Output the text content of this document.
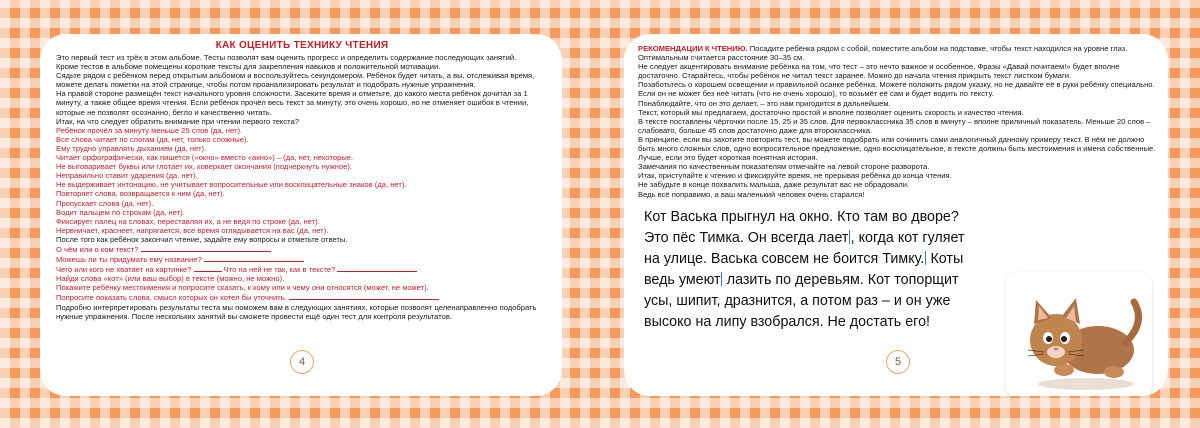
КАК ОЦЕНИТЬ ТЕХНИКУ ЧТЕНИЯ

Это первый тест из трёх в этом альбоме. Тесты позволят вам оценить прогресс и определить содержание последующих занятий.

Кроме тестов в альбоме помещены короткие тексты для закрепления навыков и положительной мотивации.

Сядьте рядом с ребёнком перед открытым альбомом и воспользуйтесь секундомером. Ребёнок будет читать, а вы, отслеживая время, можете делать пометки на этой странице, чтобы потом проанализировать результат и подобрать нужные упражнения.

На правой стороне размещён текст начального уровня сложности. Засеките время и отметьте, до какого места ребёнок дочитал за 1 минуту, а также общее время чтения. Если ребёнок прочёл весь текст за минуту, это очень хорошо, но не отменяет ошибок в чтении, которые не позволят осознанно, бегло и качественно читать.

Итак, на что следует обратить внимание при чтении первого текста?

Ребёнок прочёл за минуту меньше 25 слов (да, нет).

Все слова читает по слогам (да, нет, только сложные).

Ему трудно управлять дыханием (да, нет).

Читает орфографически, как пишется («окно» вместо «акно») – (да, нет, некоторые.

Не выговаривает буквы или глотает их, коверкает окончания (подчеркнуть нужное).

Неправильно ставит ударения (да, нет).

Не выдерживает интонацию, не учитывает вопросительные или восклицательные знаков (да, нет).

Повторяет слова, возвращается к ним (да, нет).

Пропускает слова (да, нет).

Водит пальцем по строкам (да, нет).

Фиксирует палец на словах, переставляя их, а не ведя по строке (да, нет).

Нервничает, краснеет, напрягается, все время оглядывается на вас (да, нет).

После того как ребёнок закончил чтение, задайте ему вопросы и отметьте ответы.

О чём или о ком текст?

Можешь ли ты придумать ему название?

Чего или кого не хватает на картинке?	Что на ней не так, как в тексте?

Найди слова «кот» (или ваш выбор) в тексте (можно, не можно).

Покажите ребёнку местоимения и попросите сказать, к кому или к чему они относятся (может, не может).

Попросите показать слова, смысл которых он хотел бы уточнить.

Подробно интерпретировать результаты теста мы поможем вам в следующих занятиях, которые позволят целенаправленно подобрать нужные упражнения. После нескольких занятий вы сможете провести ещё один тест для контроля результатов.

4

РЕКОМЕНДАЦИИ К ЧТЕНИЮ. Посадите ребёнка рядом с собой, поместите альбом на подставке, чтобы текст находился на уровне глаз. Оптимальным считается расстояние 30–35 см.

Не следует акцентировать внимание ребёнка на том, что тест – это нечто важное и особенное. Фразы «Давай почитаем!» будет вполне достаточно. Старайтесь, чтобы ребёнок не читал текст заранее. Можно до начала чтения прикрыть текст листком бумаги.

Позаботьтесь о хорошем освещении и правильной осанке ребёнка. Можете положить рядом указку, но не давайте её в руки ребёнку специально. Если он не может без неё читать (что не очень хорошо), то возьмёт её сам и будет водить по тексту.

Понаблюдайте, что он это делает, – это нам пригодится в дальнейшем.

Текст, который мы предлагаем, достаточно простой и вполне позволяет оценить скорость и качество чтения.

В тексте поставлены чёрточки после 15, 25 и 35 слов. Для первоклассника 35 слов в минуту – вполне приличный показатель. Меньше 20 слов – слабовато, больше 45 слов достаточно даже для второклассника.

В принципе, если вы захотите повторить тест, вы можете подобрать или сочинить сами аналогичный данному примеру текст. В нём не должно быть много сложных слов, одно вопросительное предложение, одно восклицательное, в тексте должны быть местоимения и имена собственные. Лучше, если это будет короткая понятная история.

Замечания по качественным показателям отмечайте на левой стороне разворота.

Итак, приступайте к чтению и фиксируйте время, не прерывая ребёнка до конца чтения.

Не забудьте в конце похвалить малыша, даже результат вас не обрадовали.

Ведь всё поправимо, а ваш маленький человек очень старался!

Кот Васька прыгнул на окно. Кто там во дворе?
Это пёс Тимка. Он всегда лает , когда кот гуляет
на улице. Васька совсем не боится Тимку. Коты
ведь умеют лазить по деревьям. Кот топорщит
усы, шипит, дразнится, а потом раз – и он уже
высоко на липу взобрался. Не достать его!
5
